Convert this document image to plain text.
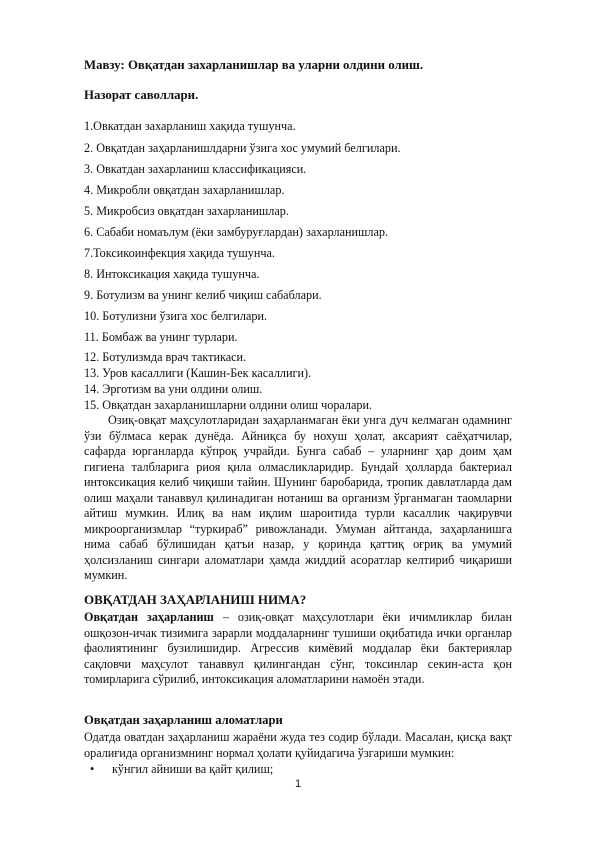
Мавзу: Овқатдан захарланишлар ва уларни олдини олиш.
Назорат саволлари.
1.Овкатдан захарланиш хақида тушунча.
2. Овқатдан заҳарланишлдарни ўзига хос умумий белгилари.
3. Овкатдан захарланиш классификацияси.
4. Микробли овқатдан захарланишлар.
5. Микробсиз овқатдан захарланишлар.
6. Сабаби номаълум (ёки замбуруғлардан) захарланишлар.
7.Токсикоинфекция хақида тушунча.
8. Интоксикация хақида тушунча.
9. Ботулизм ва унинг келиб чиқиш сабаблари.
10. Ботулизни ўзига хос белгилари.
11. Бомбаж ва унинг турлари.
12. Ботулизмда врач тактикаси.
13. Уров касаллиги (Кашин-Бек касаллиги).
14. Эрготизм ва уни олдини олиш.
15. Овқатдан захарланишларни олдини олиш чоралари.

Озиқ-овқат маҳсулотларидан заҳарланмаган ёки унга дуч келмаган одамнинг ўзи бўлмаса керак дунёда. Айниқса бу нохуш ҳолат, аксарият саёҳатчилар, сафарда юрганларда кўпроқ учрайди. Бунга сабаб – уларнинг ҳар доим ҳам гигиена талбларига риоя қила олмасликларидир. Бундай ҳолларда бактериал интоксикация келиб чиқиши тайин. Шунинг баробарида, тропик давлатларда дам олиш маҳали танаввул қилинадиган нотаниш ва организм ўрганмаган таомларни айтиш мумкин. Илиқ ва нам иқлим шароитида турли касаллик чақирувчи микроорганизмлар “туркираб” ривожланади. Умуман айтганда, заҳарланишга нима сабаб бўлишидан қатъи назар, у қоринда қаттиқ оғриқ ва умумий ҳолсизланиш сингари аломатлари ҳамда жиддий асоратлар келтириб чиқариши мумкин.

ОВҚАТДАН ЗАҲАРЛАНИШ НИМА?

Овқатдан заҳарланиш – озиқ-овқат маҳсулотлари ёки ичимликлар билан ошқозон-ичак тизимига зарарли моддаларнинг тушиши оқибатида ички органлар фаолиятининг бузилишидир. Агрессив кимёвий моддалар ёки бактериялар сақловчи маҳсулот танаввул қилингандан сўнг, токсинлар секин-аста қон томирларига сўрилиб, интоксикация аломатларини намоён этади.

Овқатдан заҳарланиш аломатлари

Одатда оватдан заҳарланиш жараёни жуда тез содир бўлади. Масалан, қисқа вақт оралиғида организмнинг нормал ҳолати қуйидагича ўзгариши мумкин:

• кўнгил айниши ва қайт қилиш;
1
